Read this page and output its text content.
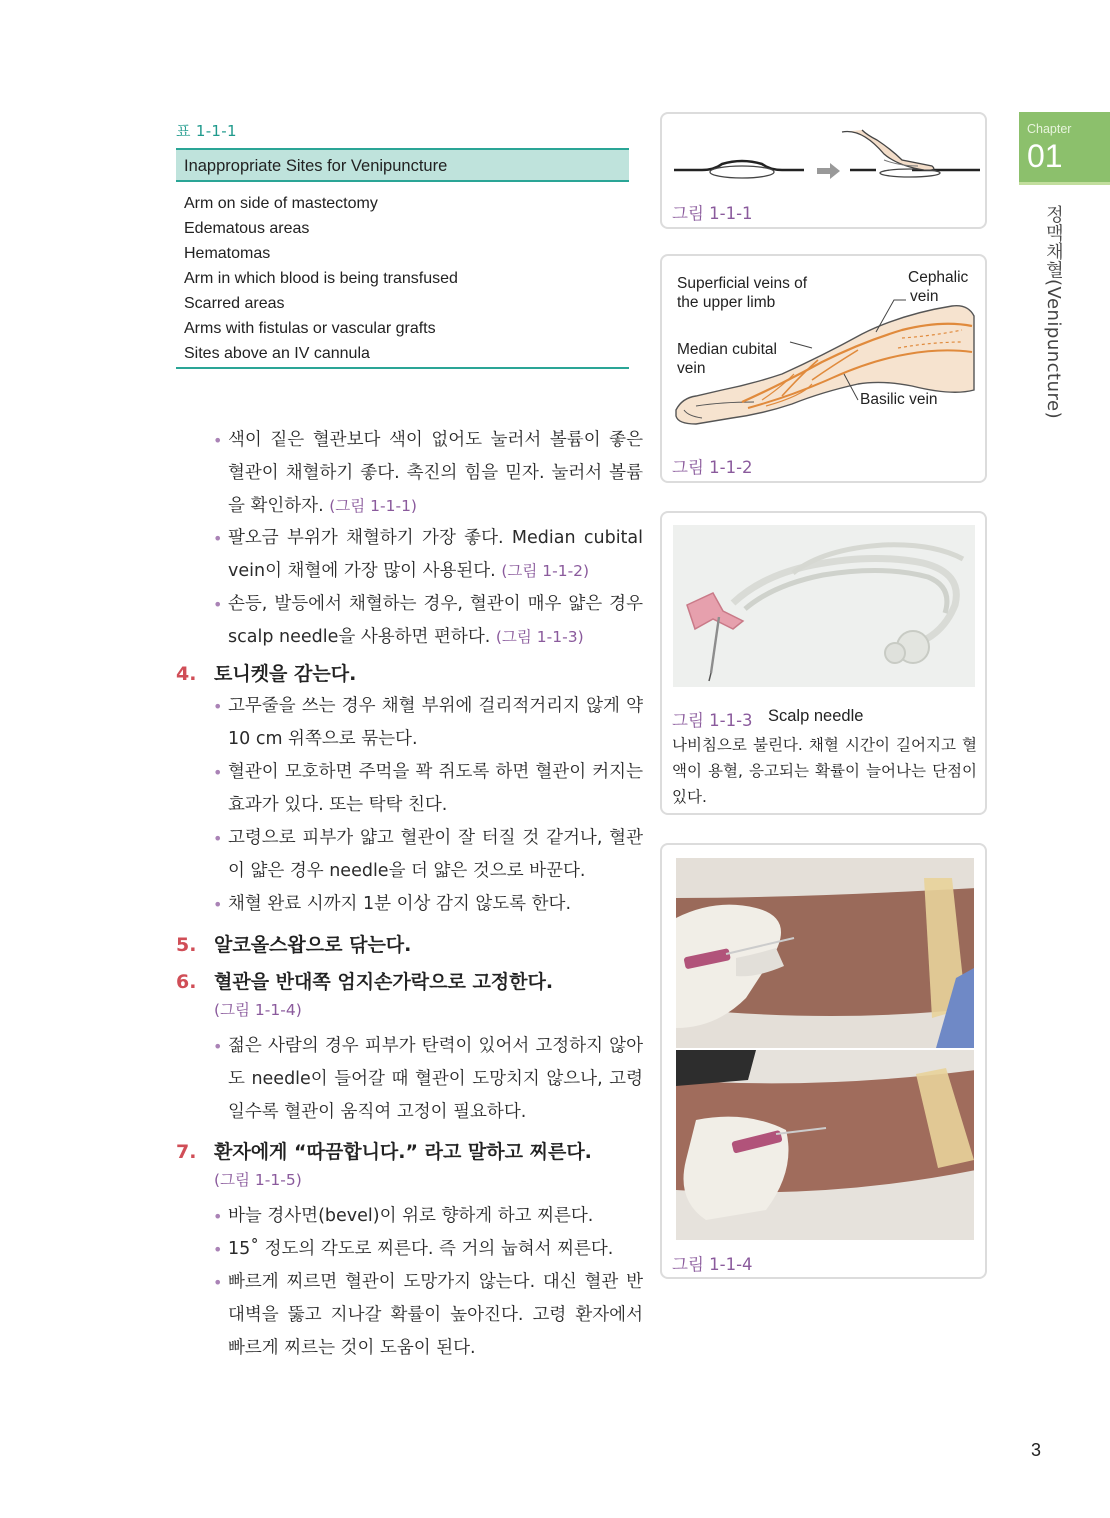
표 1-1-1
Inappropriate Sites for Venipuncture
Arm on side of mastectomy
Edematous areas
Hematomas
Arm in which blood is being transfused
Scarred areas
Arms with fistulas or vascular grafts
Sites above an IV cannula
• 색이 짙은 혈관보다 색이 없어도 눌러서 볼륨이 좋은 혈관이 채혈하기 좋다. 촉진의 힘을 믿자. 눌러서 볼륨을 확인하자. (그림 1-1-1)
• 팔오금 부위가 채혈하기 가장 좋다. Median cubital vein이 채혈에 가장 많이 사용된다. (그림 1-1-2)
• 손등, 발등에서 채혈하는 경우, 혈관이 매우 얇은 경우 scalp needle을 사용하면 편하다. (그림 1-1-3)
4. 토니켓을 감는다.
• 고무줄을 쓰는 경우 채혈 부위에 걸리적거리지 않게 약 10 cm 위쪽으로 묶는다.
• 혈관이 모호하면 주먹을 꽉 쥐도록 하면 혈관이 커지는 효과가 있다. 또는 탁탁 친다.
• 고령으로 피부가 얇고 혈관이 잘 터질 것 같거나, 혈관이 얇은 경우 needle을 더 얇은 것으로 바꾼다.
• 채혈 완료 시까지 1분 이상 감지 않도록 한다.
5. 알코올스왑으로 닦는다.
6. 혈관을 반대쪽 엄지손가락으로 고정한다.
(그림 1-1-4)
• 젊은 사람의 경우 피부가 탄력이 있어서 고정하지 않아도 needle이 들어갈 때 혈관이 도망치지 않으나, 고령일수록 혈관이 움직여 고정이 필요하다.
7. 환자에게 “따끔합니다.” 라고 말하고 찌른다.
(그림 1-1-5)
• 바늘 경사면(bevel)이 위로 향하게 하고 찌른다.
• 15˚ 정도의 각도로 찌른다. 즉 거의 눕혀서 찌른다.
• 빠르게 찌르면 혈관이 도망가지 않는다. 대신 혈관 반대벽을 뚫고 지나갈 확률이 높아진다. 고령 환자에서 빠르게 찌르는 것이 도움이 된다.
그림 1-1-1
Superficial veins of
the upper limb
Cephalic
vein
Median cubital
vein
Basilic vein
그림 1-1-2
그림 1-1-3 Scalp needle
나비침으로 불린다. 채혈 시간이 길어지고 혈액이 용혈, 응고되는 확률이 늘어나는 단점이 있다.
그림 1-1-4
Chapter
01
정맥채혈(Venipuncture)
3
